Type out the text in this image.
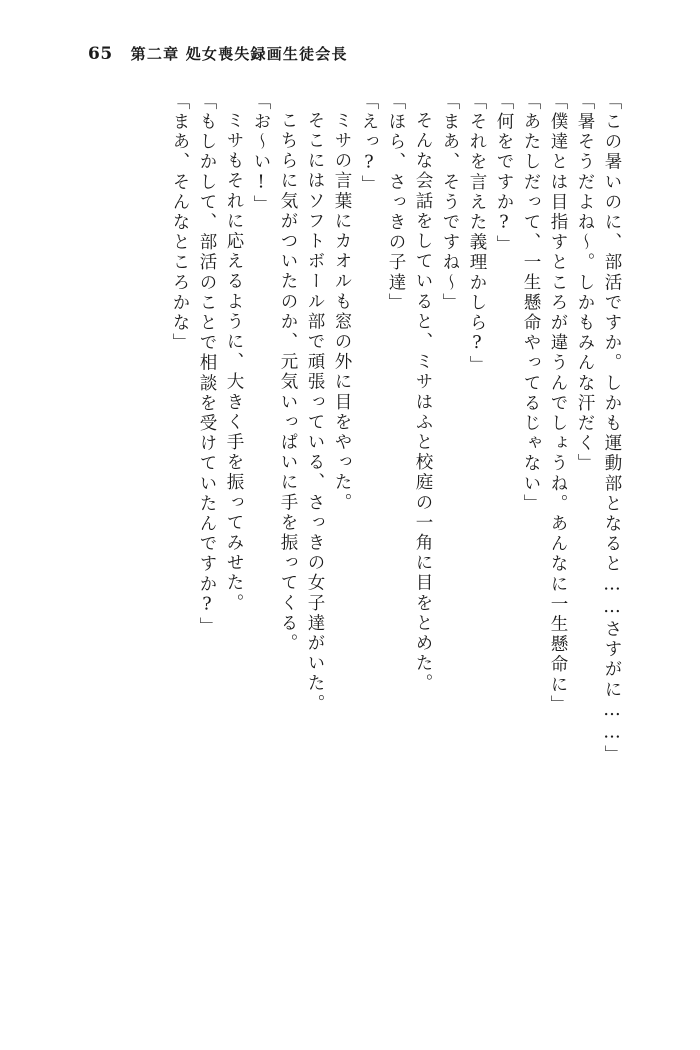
65 第二章 処女喪失録画生徒会長
「この暑いのに、部活ですか。しかも運動部となると……さすがに……」
「暑そうだよね～。しかもみんな汗だく」
「僕達とは目指すところが違うんでしょうね。あんなに一生懸命に」
「あたしだって、一生懸命やってるじゃない」
「何をですか?」
「それを言えた義理かしら?」
「まあ、そうですね～」
そんな会話をしていると、ミサはふと校庭の一角に目をとめた。
「ほら、さっきの子達」
「えっ?」
ミサの言葉にカオルも窓の外に目をやった。
そこにはソフトボール部で頑張っている、さっきの女子達がいた。
こちらに気がついたのか、元気いっぱいに手を振ってくる。
「お～い!」
ミサもそれに応えるように、大きく手を振ってみせた。
「もしかして、部活のことで相談を受けていたんですか?」
「まあ、そんなところかな」
